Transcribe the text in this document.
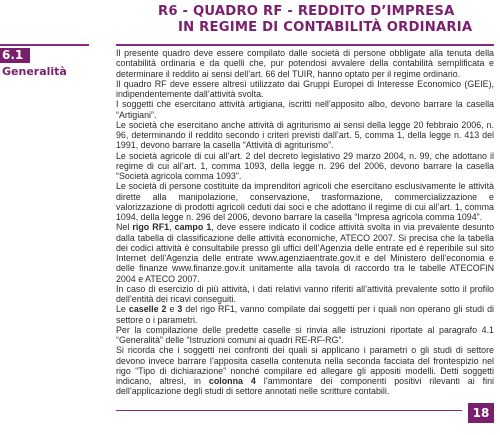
R6 - QUADRO RF - REDDITO D’IMPRESA
IN REGIME DI CONTABILITÀ ORDINARIA
6.1
Generalità

Il presente quadro deve essere compilato dalle società di persone obbligate alla tenuta della contabilità ordinaria e da quelli che, pur potendosi avvalere della contabilità semplificata e determinare il reddito ai sensi dell’art. 66 del TUIR, hanno optato per il regime ordinario.

Il quadro RF deve essere altresì utilizzato dai Gruppi Europei di Interesse Economico (GEIE), indipendentemente dall’attività svolta.

I soggetti che esercitano attività artigiana, iscritti nell’apposito albo, devono barrare la casella “Artigiani”.

Le società che esercitano anche attività di agriturismo ai sensi della legge 20 febbraio 2006, n. 96, determinando il reddito secondo i criteri previsti dall’art. 5, comma 1, della legge n. 413 del 1991, devono barrare la casella “Attività di agriturismo”.

Le società agricole di cui all’art. 2 del decreto legislativo 29 marzo 2004, n. 99, che adottano il regime di cui all’art. 1, comma 1093, della legge n. 296 del 2006, devono barrare la casella “Società agricola comma 1093”.

Le società di persone costituite da imprenditori agricoli che esercitano esclusivamente le attività dirette alla manipolazione, conservazione, trasformazione, commercializzazione e valorizzazione di prodotti agricoli ceduti dai soci e che adottano il regime di cui all’art. 1, comma 1094, della legge n. 296 del 2006, devono barrare la casella “Impresa agricola comma 1094”.

Nel rigo RF1, campo 1, deve essere indicato il codice attività svolta in via prevalente desunto dalla tabella di classificazione delle attività economiche, ATECO 2007. Si precisa che la tabella dei codici attività è consultabile presso gli uffici dell’Agenzia delle entrate ed è reperibile sul sito Internet dell’Agenzia delle entrate www.agenziaentrate.gov.it e del Ministero dell’economia e delle finanze www.finanze.gov.it unitamente alla tavola di raccordo tra le tabelle ATECOFIN 2004 e ATECO 2007.

In caso di esercizio di più attività, i dati relativi vanno riferiti all’attività prevalente sotto il profilo dell’entità dei ricavi conseguiti.

Le caselle 2 e 3 del rigo RF1, vanno compilate dai soggetti per i quali non operano gli studi di settore o i parametri.

Per la compilazione delle predette caselle si rinvia alle istruzioni riportate al paragrafo 4.1 “Generalità” delle “Istruzioni comuni ai quadri RE-RF-RG”.

Si ricorda che i soggetti nei confronti dei quali si applicano i parametri o gli studi di settore devono invece barrare l’apposita casella contenuta nella seconda facciata del frontespizio nel rigo “Tipo di dichiarazione” nonché compilare ed allegare gli appositi modelli. Detti soggetti indicano, altresì, in colonna 4 l’ammontare dei componenti positivi rilevanti ai fini dell’applicazione degli studi di settore annotati nelle scritture contabili.

18
